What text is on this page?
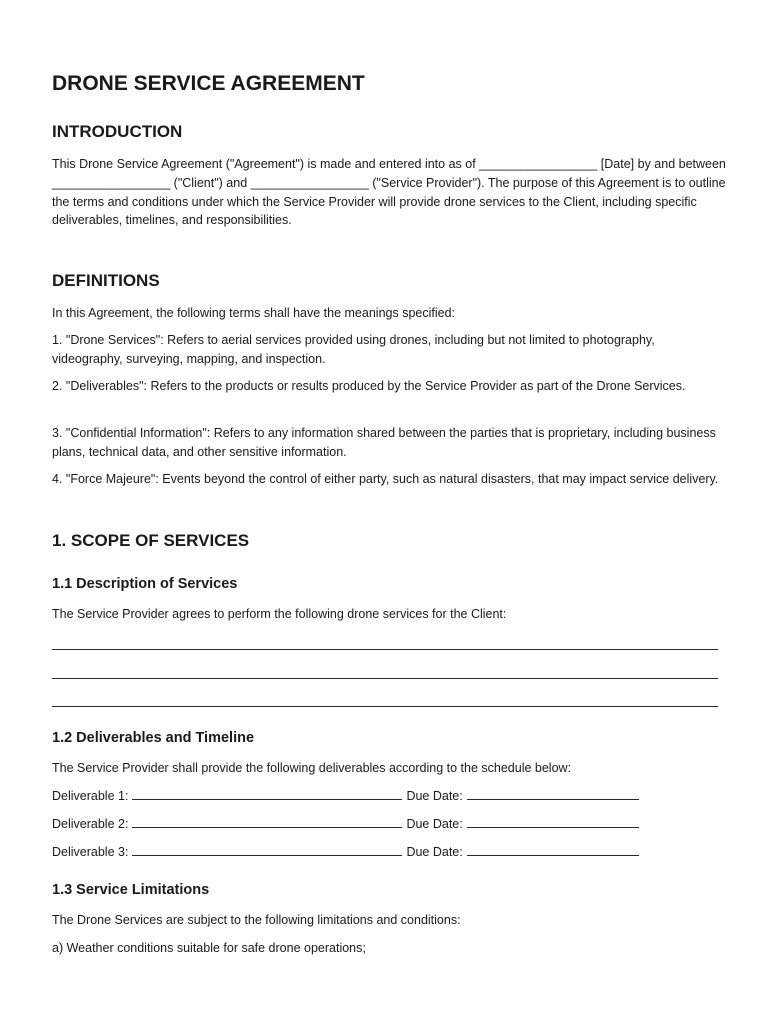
DRONE SERVICE AGREEMENT
INTRODUCTION

This Drone Service Agreement ("Agreement") is made and entered into as of _________________ [Date] by and between _________________ ("Client") and _________________ ("Service Provider"). The purpose of this Agreement is to outline the terms and conditions under which the Service Provider will provide drone services to the Client, including specific deliverables, timelines, and responsibilities.

DEFINITIONS

In this Agreement, the following terms shall have the meanings specified:

1. "Drone Services": Refers to aerial services provided using drones, including but not limited to photography, videography, surveying, mapping, and inspection.

2. "Deliverables": Refers to the products or results produced by the Service Provider as part of the Drone Services.

3. "Confidential Information": Refers to any information shared between the parties that is proprietary, including business plans, technical data, and other sensitive information.

4. "Force Majeure": Events beyond the control of either party, such as natural disasters, that may impact service delivery.

1. SCOPE OF SERVICES
1.1 Description of Services

The Service Provider agrees to perform the following drone services for the Client:

1.2 Deliverables and Timeline

The Service Provider shall provide the following deliverables according to the schedule below:

Deliverable 1:	Due Date:
Deliverable 2:	Due Date:
Deliverable 3:	Due Date:
1.3 Service Limitations

The Drone Services are subject to the following limitations and conditions:

a) Weather conditions suitable for safe drone operations;
